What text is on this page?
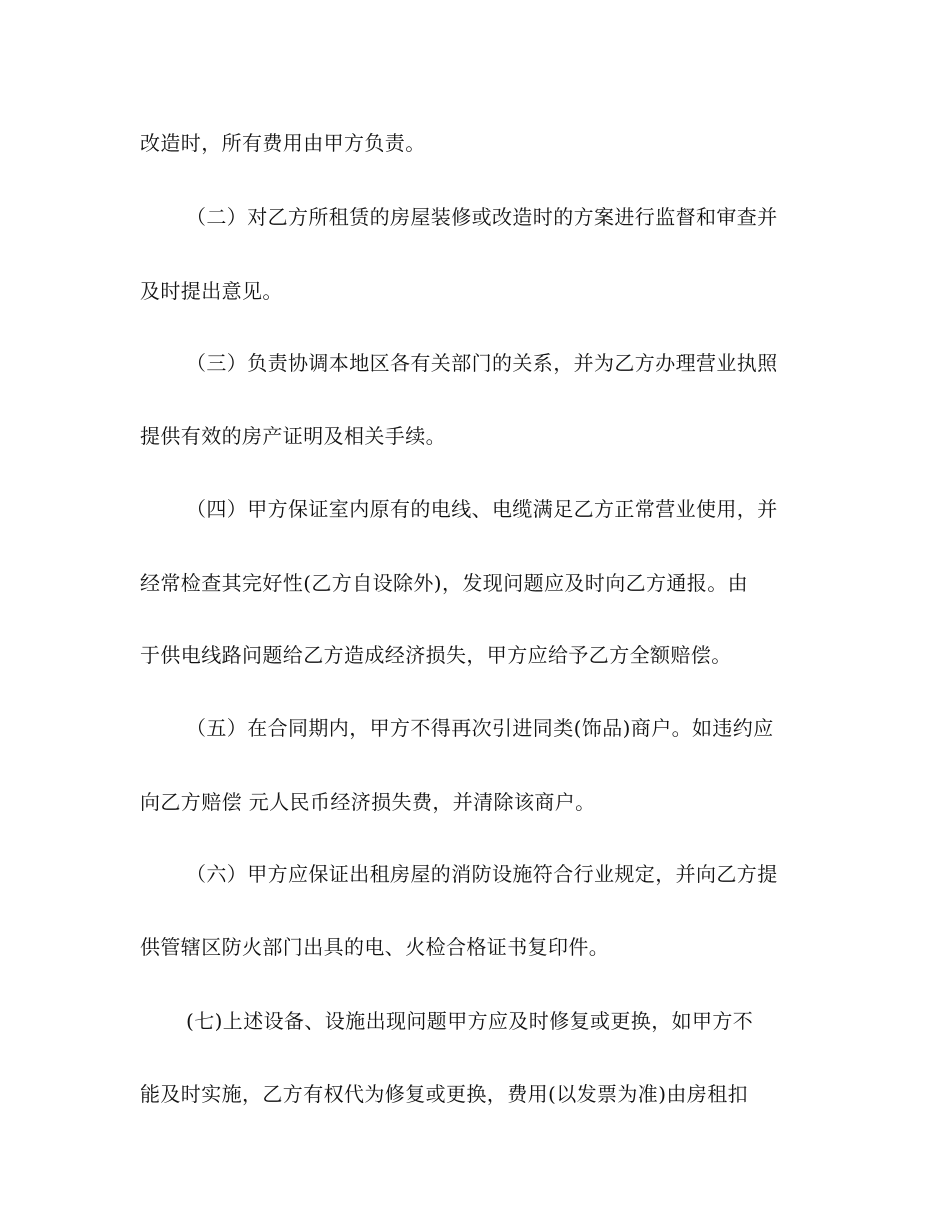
改造时，所有费用由甲方负责。
（二）对乙方所租赁的房屋装修或改造时的方案进行监督和审查并
及时提出意见。
（三）负责协调本地区各有关部门的关系，并为乙方办理营业执照
提供有效的房产证明及相关手续。
（四）甲方保证室内原有的电线、电缆满足乙方正常营业使用，并
经常检查其完好性(乙方自设除外)，发现问题应及时向乙方通报。由
于供电线路问题给乙方造成经济损失，甲方应给予乙方全额赔偿。
（五）在合同期内，甲方不得再次引进同类(饰品)商户。如违约应
向乙方赔偿 元人民币经济损失费，并清除该商户。
（六）甲方应保证出租房屋的消防设施符合行业规定，并向乙方提
供管辖区防火部门出具的电、火检合格证书复印件。
(七)上述设备、设施出现问题甲方应及时修复或更换，如甲方不
能及时实施，乙方有权代为修复或更换，费用(以发票为准)由房租扣
